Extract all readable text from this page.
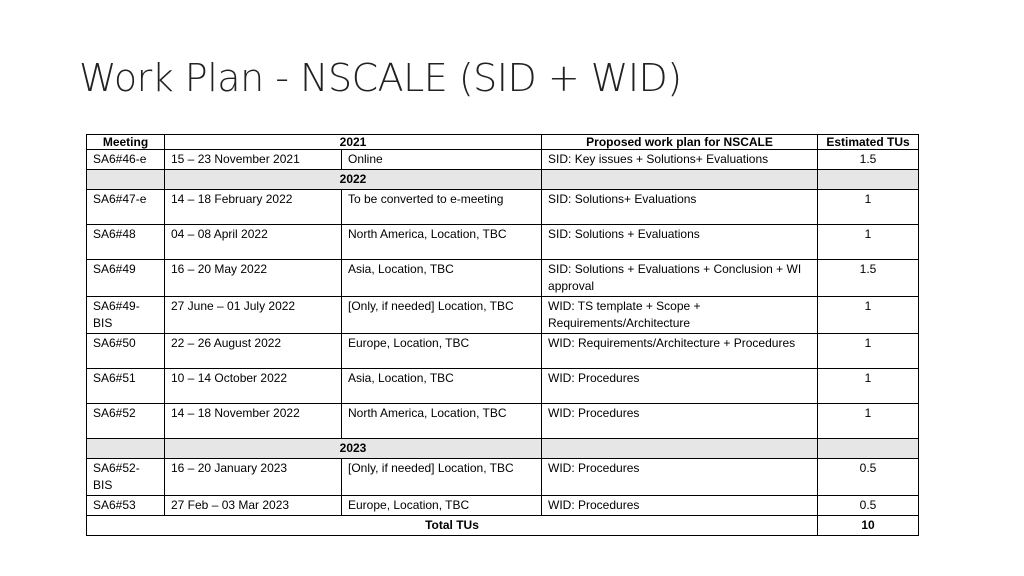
Work Plan - NSCALE (SID + WID)
Meeting	2021		Proposed work plan for NSCALE	Estimated TUs
SA6#46-e	15 – 23 November 2021	Online	SID: Key issues + Solutions+ Evaluations	1.5
	2022			
SA6#47-e	14 – 18 February 2022	To be converted to e-meeting	SID: Solutions+ Evaluations	1
SA6#48	04 – 08 April 2022	North America, Location, TBC	SID: Solutions + Evaluations	1
SA6#49	16 – 20 May 2022	Asia, Location, TBC	SID: Solutions + Evaluations + Conclusion + WI approval	1.5
SA6#49-BIS	27 June – 01 July 2022	[Only, if needed] Location, TBC	WID: TS template + Scope + Requirements/Architecture	1
SA6#50	22 – 26 August 2022	Europe, Location, TBC	WID: Requirements/Architecture + Procedures	1
SA6#51	10 – 14 October 2022	Asia, Location, TBC	WID: Procedures	1
SA6#52	14 – 18 November 2022	North America, Location, TBC	WID: Procedures	1
	2023			
SA6#52-BIS	16 – 20 January 2023	[Only, if needed] Location, TBC	WID: Procedures	0.5
SA6#53	27 Feb – 03 Mar 2023	Europe, Location, TBC	WID: Procedures	0.5
Total TUs				10
